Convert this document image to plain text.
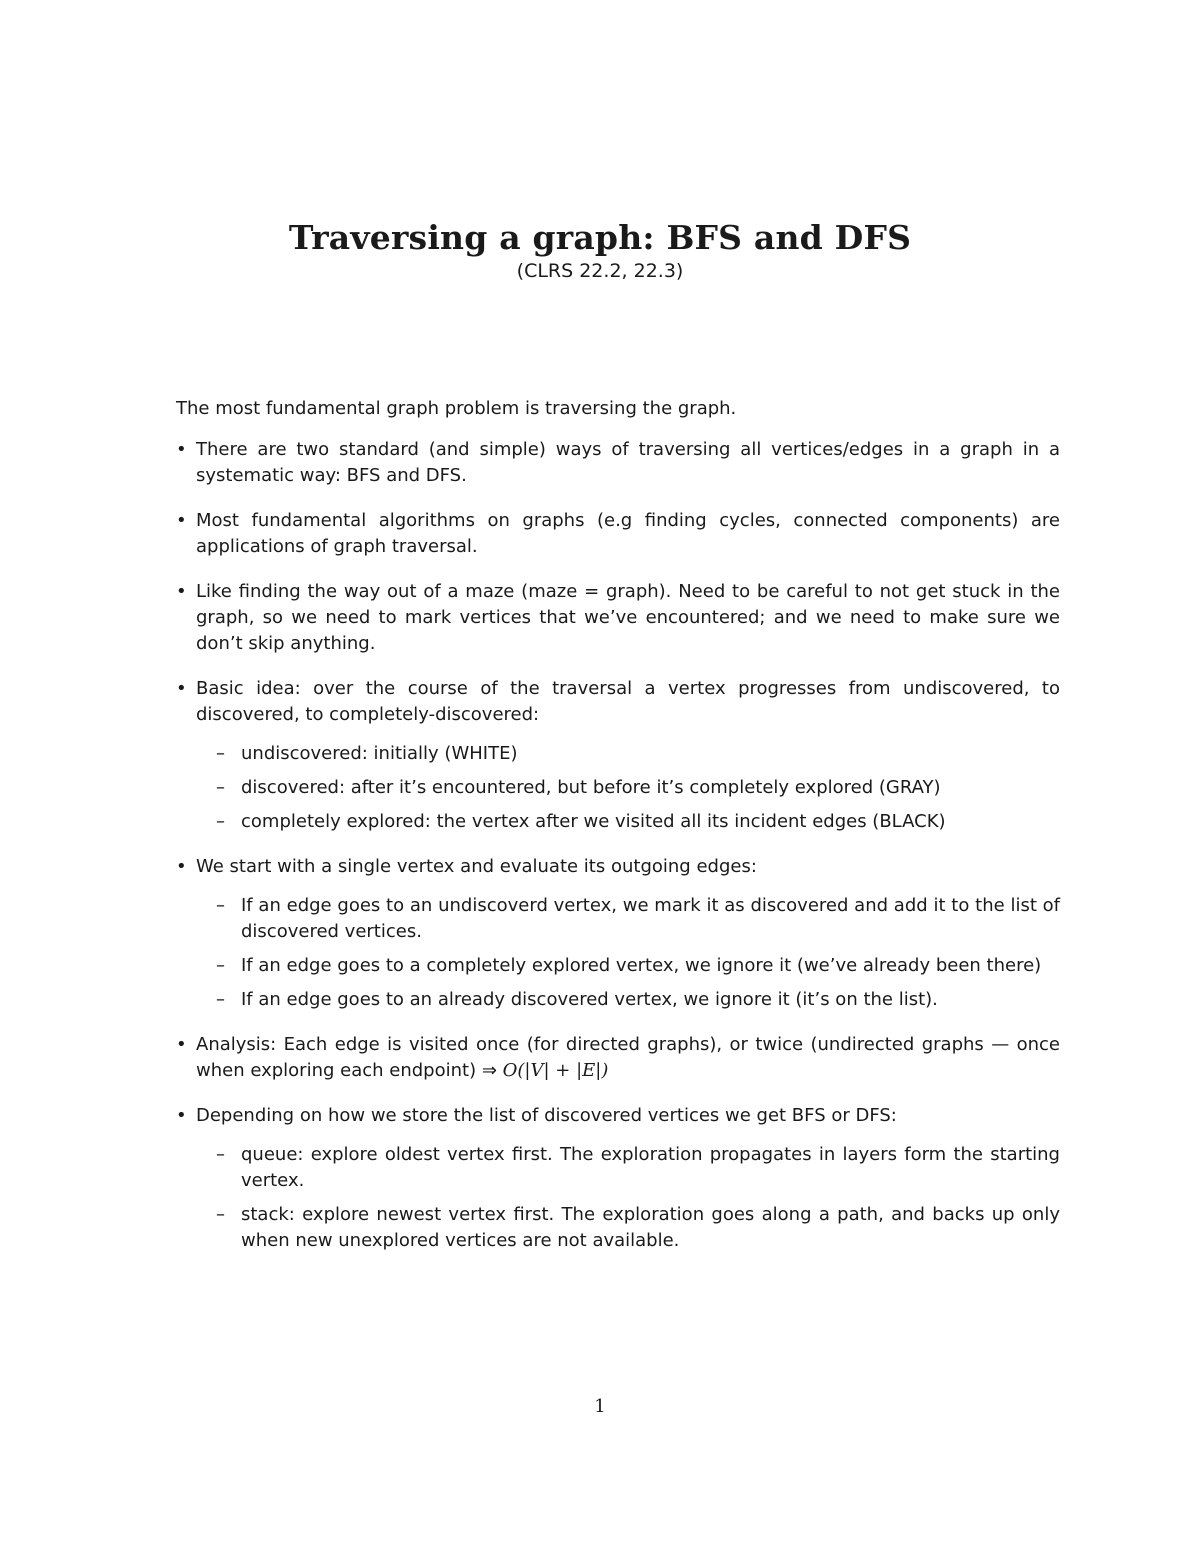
Traversing a graph: BFS and DFS
(CLRS 22.2, 22.3)

The most fundamental graph problem is traversing the graph.

• There are two standard (and simple) ways of traversing all vertices/edges in a graph in a systematic way: BFS and DFS.
• Most fundamental algorithms on graphs (e.g finding cycles, connected components) are applications of graph traversal.
• Like finding the way out of a maze (maze = graph). Need to be careful to not get stuck in the graph, so we need to mark vertices that we’ve encountered; and we need to make sure we don’t skip anything.
• Basic idea: over the course of the traversal a vertex progresses from undiscovered, to discovered, to completely-discovered:
– undiscovered: initially (WHITE)
– discovered: after it’s encountered, but before it’s completely explored (GRAY)
– completely explored: the vertex after we visited all its incident edges (BLACK)
• We start with a single vertex and evaluate its outgoing edges:
– If an edge goes to an undiscoverd vertex, we mark it as discovered and add it to the list of discovered vertices.
– If an edge goes to a completely explored vertex, we ignore it (we’ve already been there)
– If an edge goes to an already discovered vertex, we ignore it (it’s on the list).
• Analysis: Each edge is visited once (for directed graphs), or twice (undirected graphs — once when exploring each endpoint) ⇒ O(|V| + |E|)
• Depending on how we store the list of discovered vertices we get BFS or DFS:
– queue: explore oldest vertex first. The exploration propagates in layers form the starting vertex.
– stack: explore newest vertex first. The exploration goes along a path, and backs up only when new unexplored vertices are not available.
1
